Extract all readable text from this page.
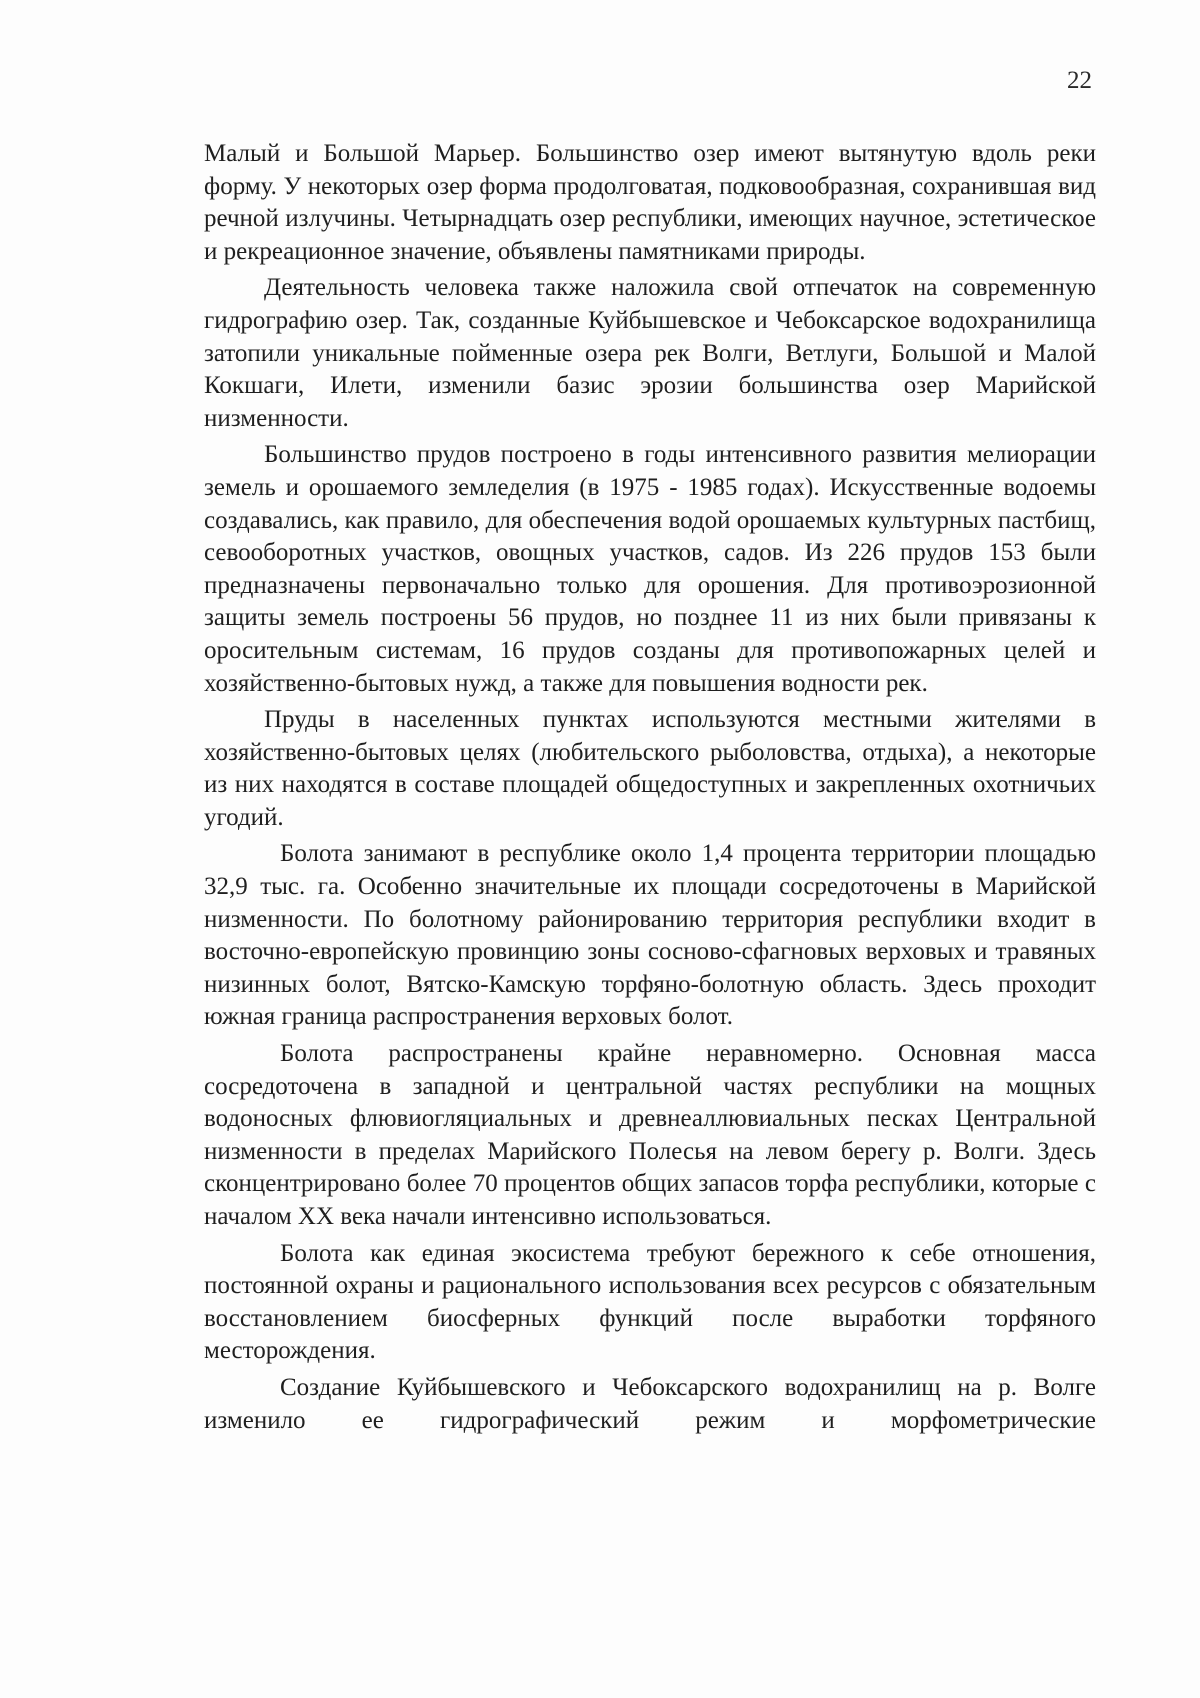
22

Малый и Большой Марьер. Большинство озер имеют вытянутую вдоль реки форму. У некоторых озер форма продолговатая, подковообразная, сохранившая вид речной излучины. Четырнадцать озер республики, имеющих научное, эстетическое и рекреационное значение, объявлены памятниками природы.

Деятельность человека также наложила свой отпечаток на современную гидрографию озер. Так, созданные Куйбышевское и Чебоксарское водохранилища затопили уникальные пойменные озера рек Волги, Ветлуги, Большой и Малой Кокшаги, Илети, изменили базис эрозии большинства озер Марийской низменности.

Большинство прудов построено в годы интенсивного развития мелиорации земель и орошаемого земледелия (в 1975 - 1985 годах). Искусственные водоемы создавались, как правило, для обеспечения водой орошаемых культурных пастбищ, севооборотных участков, овощных участков, садов. Из 226 прудов 153 были предназначены первоначально только для орошения. Для противоэрозионной защиты земель построены 56 прудов, но позднее 11 из них были привязаны к оросительным системам, 16 прудов созданы для противопожарных целей и хозяйственно-бытовых нужд, а также для повышения водности рек.

Пруды в населенных пунктах используются местными жителями в хозяйственно-бытовых целях (любительского рыболовства, отдыха), а некоторые из них находятся в составе площадей общедоступных и закрепленных охотничьих угодий.

Болота занимают в республике около 1,4 процента территории площадью 32,9 тыс. га. Особенно значительные их площади сосредоточены в Марийской низменности. По болотному районированию территория республики входит в восточно-европейскую провинцию зоны сосново-сфагновых верховых и травяных низинных болот, Вятско-Камскую торфяно-болотную область. Здесь проходит южная граница распространения верховых болот.

Болота распространены крайне неравномерно. Основная масса сосредоточена в западной и центральной частях республики на мощных водоносных флювиогляциальных и древнеаллювиальных песках Центральной низменности в пределах Марийского Полесья на левом берегу р. Волги. Здесь сконцентрировано более 70 процентов общих запасов торфа республики, которые с началом XX века начали интенсивно использоваться.

Болота как единая экосистема требуют бережного к себе отношения, постоянной охраны и рационального использования всех ресурсов с обязательным восстановлением биосферных функций после выработки торфяного месторождения.

Создание Куйбышевского и Чебоксарского водохранилищ на р. Волге изменило ее гидрографический режим и морфометрические
